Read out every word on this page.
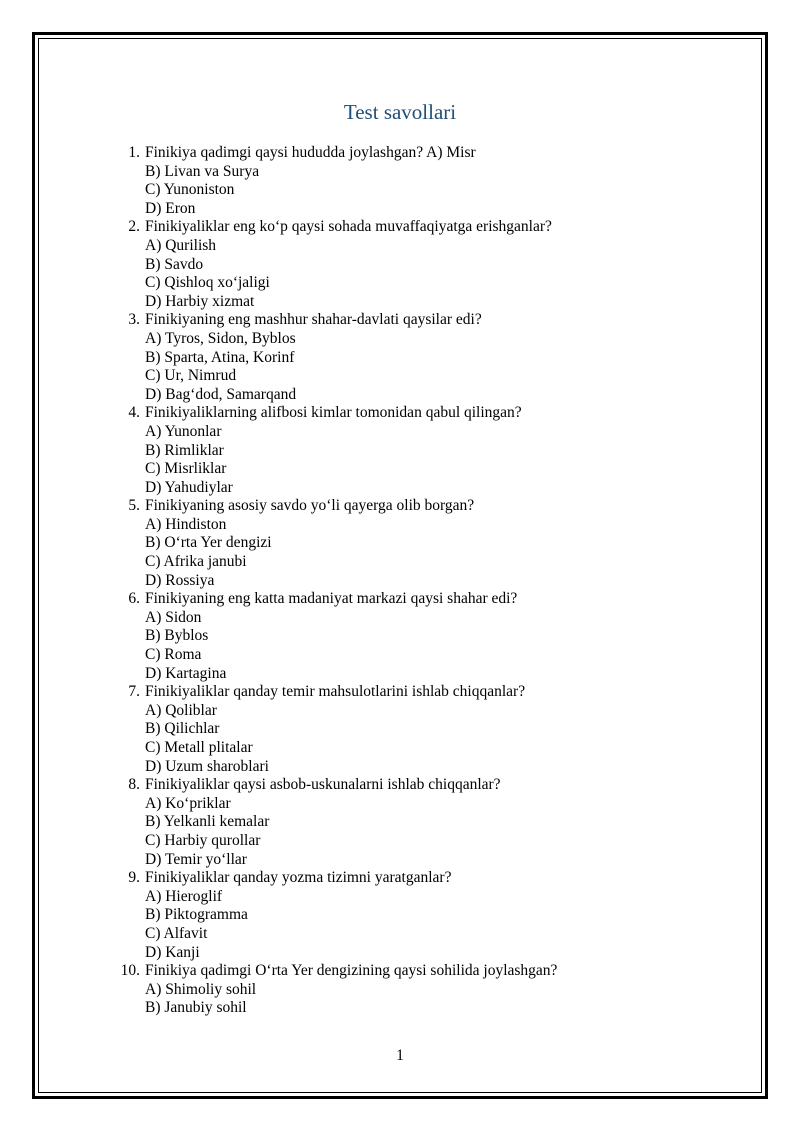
Test savollari
1. Finikiya qadimgi qaysi hududda joylashgan? A) Misr
B) Livan va Surya
C) Yunoniston
D) Eron
2. Finikiyaliklar eng ko‘p qaysi sohada muvaffaqiyatga erishganlar?
A) Qurilish
B) Savdo
C) Qishloq xo‘jaligi
D) Harbiy xizmat
3. Finikiyaning eng mashhur shahar-davlati qaysilar edi?
A) Tyros, Sidon, Byblos
B) Sparta, Atina, Korinf
C) Ur, Nimrud
D) Bag‘dod, Samarqand
4. Finikiyaliklarning alifbosi kimlar tomonidan qabul qilingan?
A) Yunonlar
B) Rimliklar
C) Misrliklar
D) Yahudiylar
5. Finikiyaning asosiy savdo yo‘li qayerga olib borgan?
A) Hindiston
B) O‘rta Yer dengizi
C) Afrika janubi
D) Rossiya
6. Finikiyaning eng katta madaniyat markazi qaysi shahar edi?
A) Sidon
B) Byblos
C) Roma
D) Kartagina
7. Finikiyaliklar qanday temir mahsulotlarini ishlab chiqqanlar?
A) Qoliblar
B) Qilichlar
C) Metall plitalar
D) Uzum sharoblari
8. Finikiyaliklar qaysi asbob-uskunalarni ishlab chiqqanlar?
A) Ko‘priklar
B) Yelkanli kemalar
C) Harbiy qurollar
D) Temir yo‘llar
9. Finikiyaliklar qanday yozma tizimni yaratganlar?
A) Hieroglif
B) Piktogramma
C) Alfavit
D) Kanji
10. Finikiya qadimgi O‘rta Yer dengizining qaysi sohilida joylashgan?
A) Shimoliy sohil
B) Janubiy sohil
1
